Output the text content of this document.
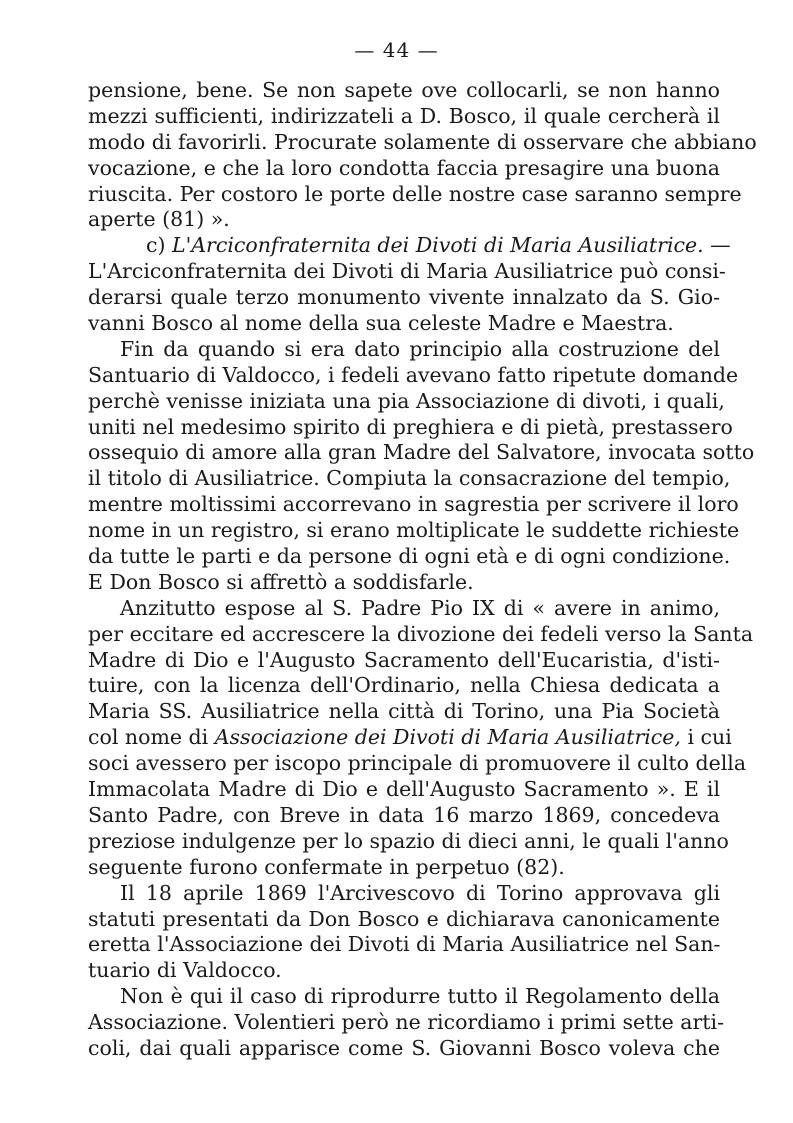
— 44 —
pensione, bene. Se non sapete ove collocarli, se non hanno
mezzi sufficienti, indirizzateli a D. Bosco, il quale cercherà il
modo di favorirli. Procurate solamente di osservare che abbiano
vocazione, e che la loro condotta faccia presagire una buona
riuscita. Per costoro le porte delle nostre case saranno sempre
aperte (81) ».
c) L'Arciconfraternita dei Divoti di Maria Ausiliatrice. —
L'Arciconfraternita dei Divoti di Maria Ausiliatrice può consi-
derarsi quale terzo monumento vivente innalzato da S. Gio-
vanni Bosco al nome della sua celeste Madre e Maestra.
Fin da quando si era dato principio alla costruzione del
Santuario di Valdocco, i fedeli avevano fatto ripetute domande
perchè venisse iniziata una pia Associazione di divoti, i quali,
uniti nel medesimo spirito di preghiera e di pietà, prestassero
ossequio di amore alla gran Madre del Salvatore, invocata sotto
il titolo di Ausiliatrice. Compiuta la consacrazione del tempio,
mentre moltissimi accorrevano in sagrestia per scrivere il loro
nome in un registro, si erano moltiplicate le suddette richieste
da tutte le parti e da persone di ogni età e di ogni condizione.
E Don Bosco si affrettò a soddisfarle.
Anzitutto espose al S. Padre Pio IX di « avere in animo,
per eccitare ed accrescere la divozione dei fedeli verso la Santa
Madre di Dio e l'Augusto Sacramento dell'Eucaristia, d'isti-
tuire, con la licenza dell'Ordinario, nella Chiesa dedicata a
Maria SS. Ausiliatrice nella città di Torino, una Pia Società
col nome di Associazione dei Divoti di Maria Ausiliatrice, i cui
soci avessero per iscopo principale di promuovere il culto della
Immacolata Madre di Dio e dell'Augusto Sacramento ». E il
Santo Padre, con Breve in data 16 marzo 1869, concedeva
preziose indulgenze per lo spazio di dieci anni, le quali l'anno
seguente furono confermate in perpetuo (82).
Il 18 aprile 1869 l'Arcivescovo di Torino approvava gli
statuti presentati da Don Bosco e dichiarava canonicamente
eretta l'Associazione dei Divoti di Maria Ausiliatrice nel San-
tuario di Valdocco.
Non è qui il caso di riprodurre tutto il Regolamento della
Associazione. Volentieri però ne ricordiamo i primi sette arti-
coli, dai quali apparisce come S. Giovanni Bosco voleva che
